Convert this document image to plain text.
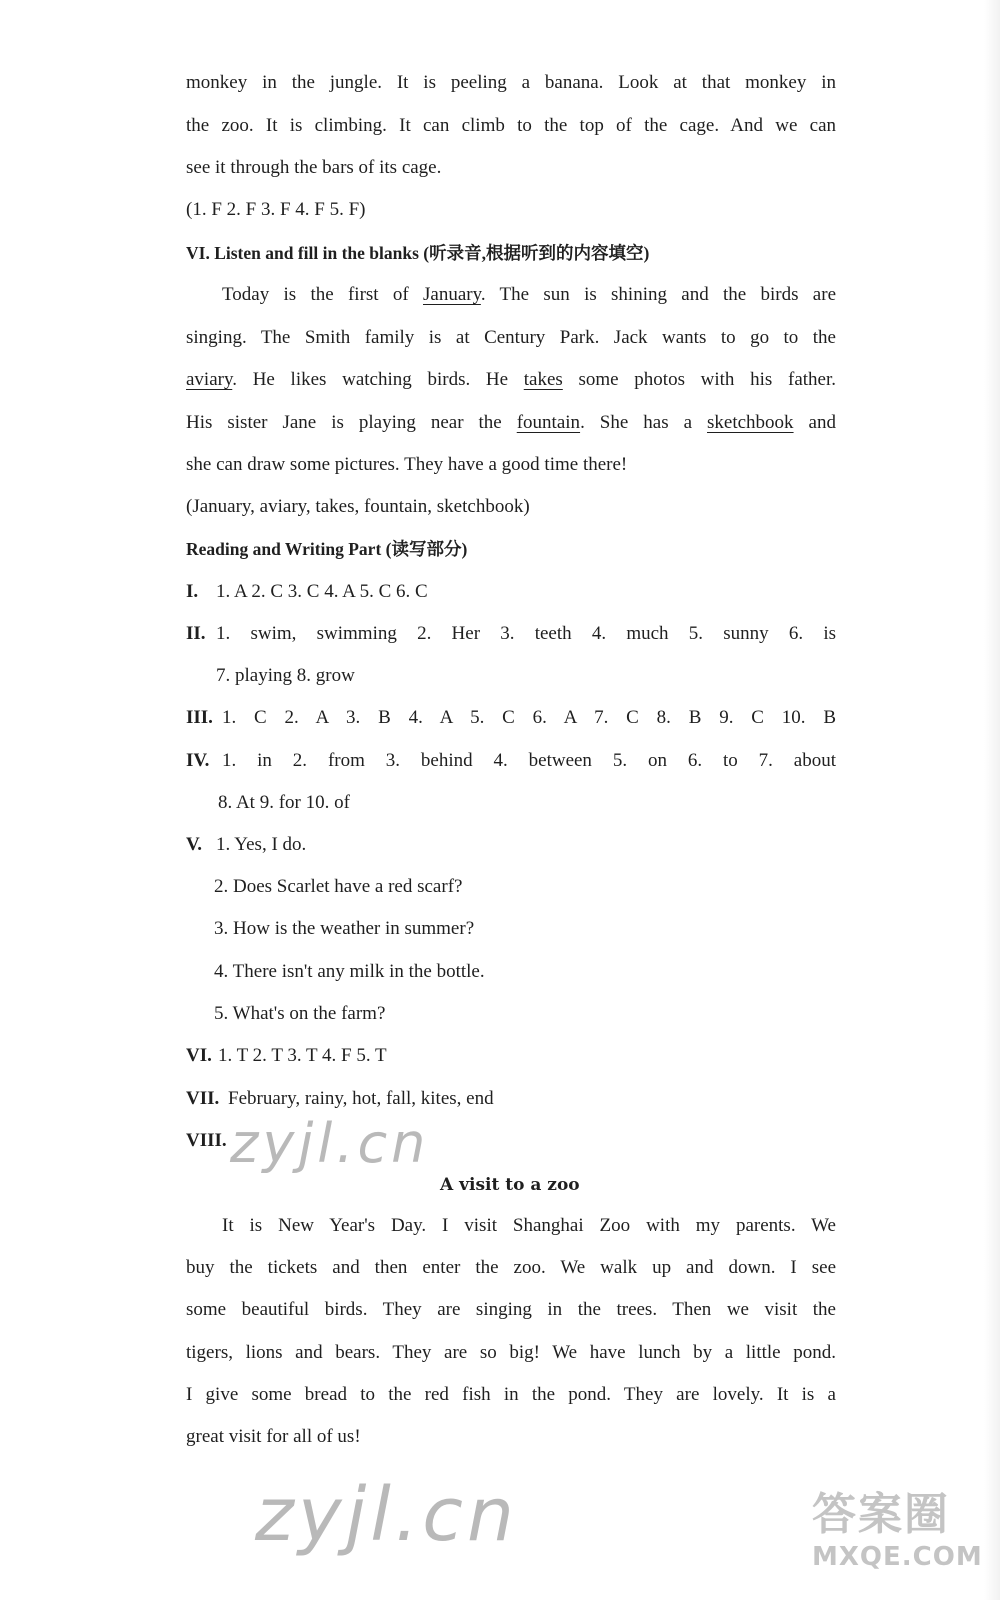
monkey in the jungle. It is peeling a banana. Look at that monkey in
the zoo. It is climbing. It can climb to the top of the cage. And we can
see it through the bars of its cage.
(1. F 2. F 3. F 4. F 5. F)
VI. Listen and fill in the blanks (听录音,根据听到的内容填空)
Today is the first of January. The sun is shining and the birds are
singing. The Smith family is at Century Park. Jack wants to go to the
aviary. He likes watching birds. He takes some photos with his father.
His sister Jane is playing near the fountain. She has a sketchbook and
she can draw some pictures. They have a good time there!
(January, aviary, takes, fountain, sketchbook)
Reading and Writing Part (读写部分)
I. 1. A 2. C 3. C 4. A 5. C 6. C
II. 1. swim, swimming 2. Her 3. teeth 4. much 5. sunny 6. is
7. playing 8. grow
III. 1. C 2. A 3. B 4. A 5. C 6. A 7. C 8. B 9. C 10. B
IV. 1. in 2. from 3. behind 4. between 5. on 6. to 7. about
8. At 9. for 10. of
V. 1. Yes, I do.
2. Does Scarlet have a red scarf?
3. How is the weather in summer?
4. There isn't any milk in the bottle.
5. What's on the farm?
VI. 1. T 2. T 3. T 4. F 5. T
VII. February, rainy, hot, fall, kites, end
VIII. zyjl.cn
A visit to a zoo
It is New Year's Day. I visit Shanghai Zoo with my parents. We
buy the tickets and then enter the zoo. We walk up and down. I see
some beautiful birds. They are singing in the trees. Then we visit the
tigers, lions and bears. They are so big! We have lunch by a little pond.
I give some bread to the red fish in the pond. They are lovely. It is a
great visit for all of us!
zyjl.cn	答案圈
MXQE.COM
